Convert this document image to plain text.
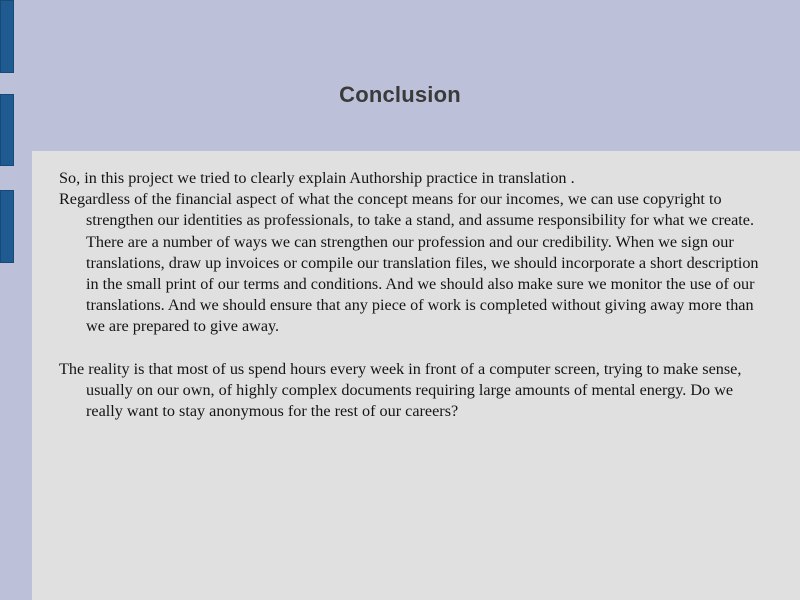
Conclusion

So, in this project we tried to clearly explain Authorship practice in translation .

Regardless of the financial aspect of what the concept means for our incomes, we can use copyright to strengthen our identities as professionals, to take a stand, and assume responsibility for what we create. There are a number of ways we can strengthen our profession and our credibility. When we sign our translations, draw up invoices or compile our translation files, we should incorporate a short description in the small print of our terms and conditions. And we should also make sure we monitor the use of our translations. And we should ensure that any piece of work is completed without giving away more than we are prepared to give away.

The reality is that most of us spend hours every week in front of a computer screen, trying to make sense, usually on our own, of highly complex documents requiring large amounts of mental energy. Do we really want to stay anonymous for the rest of our careers?
